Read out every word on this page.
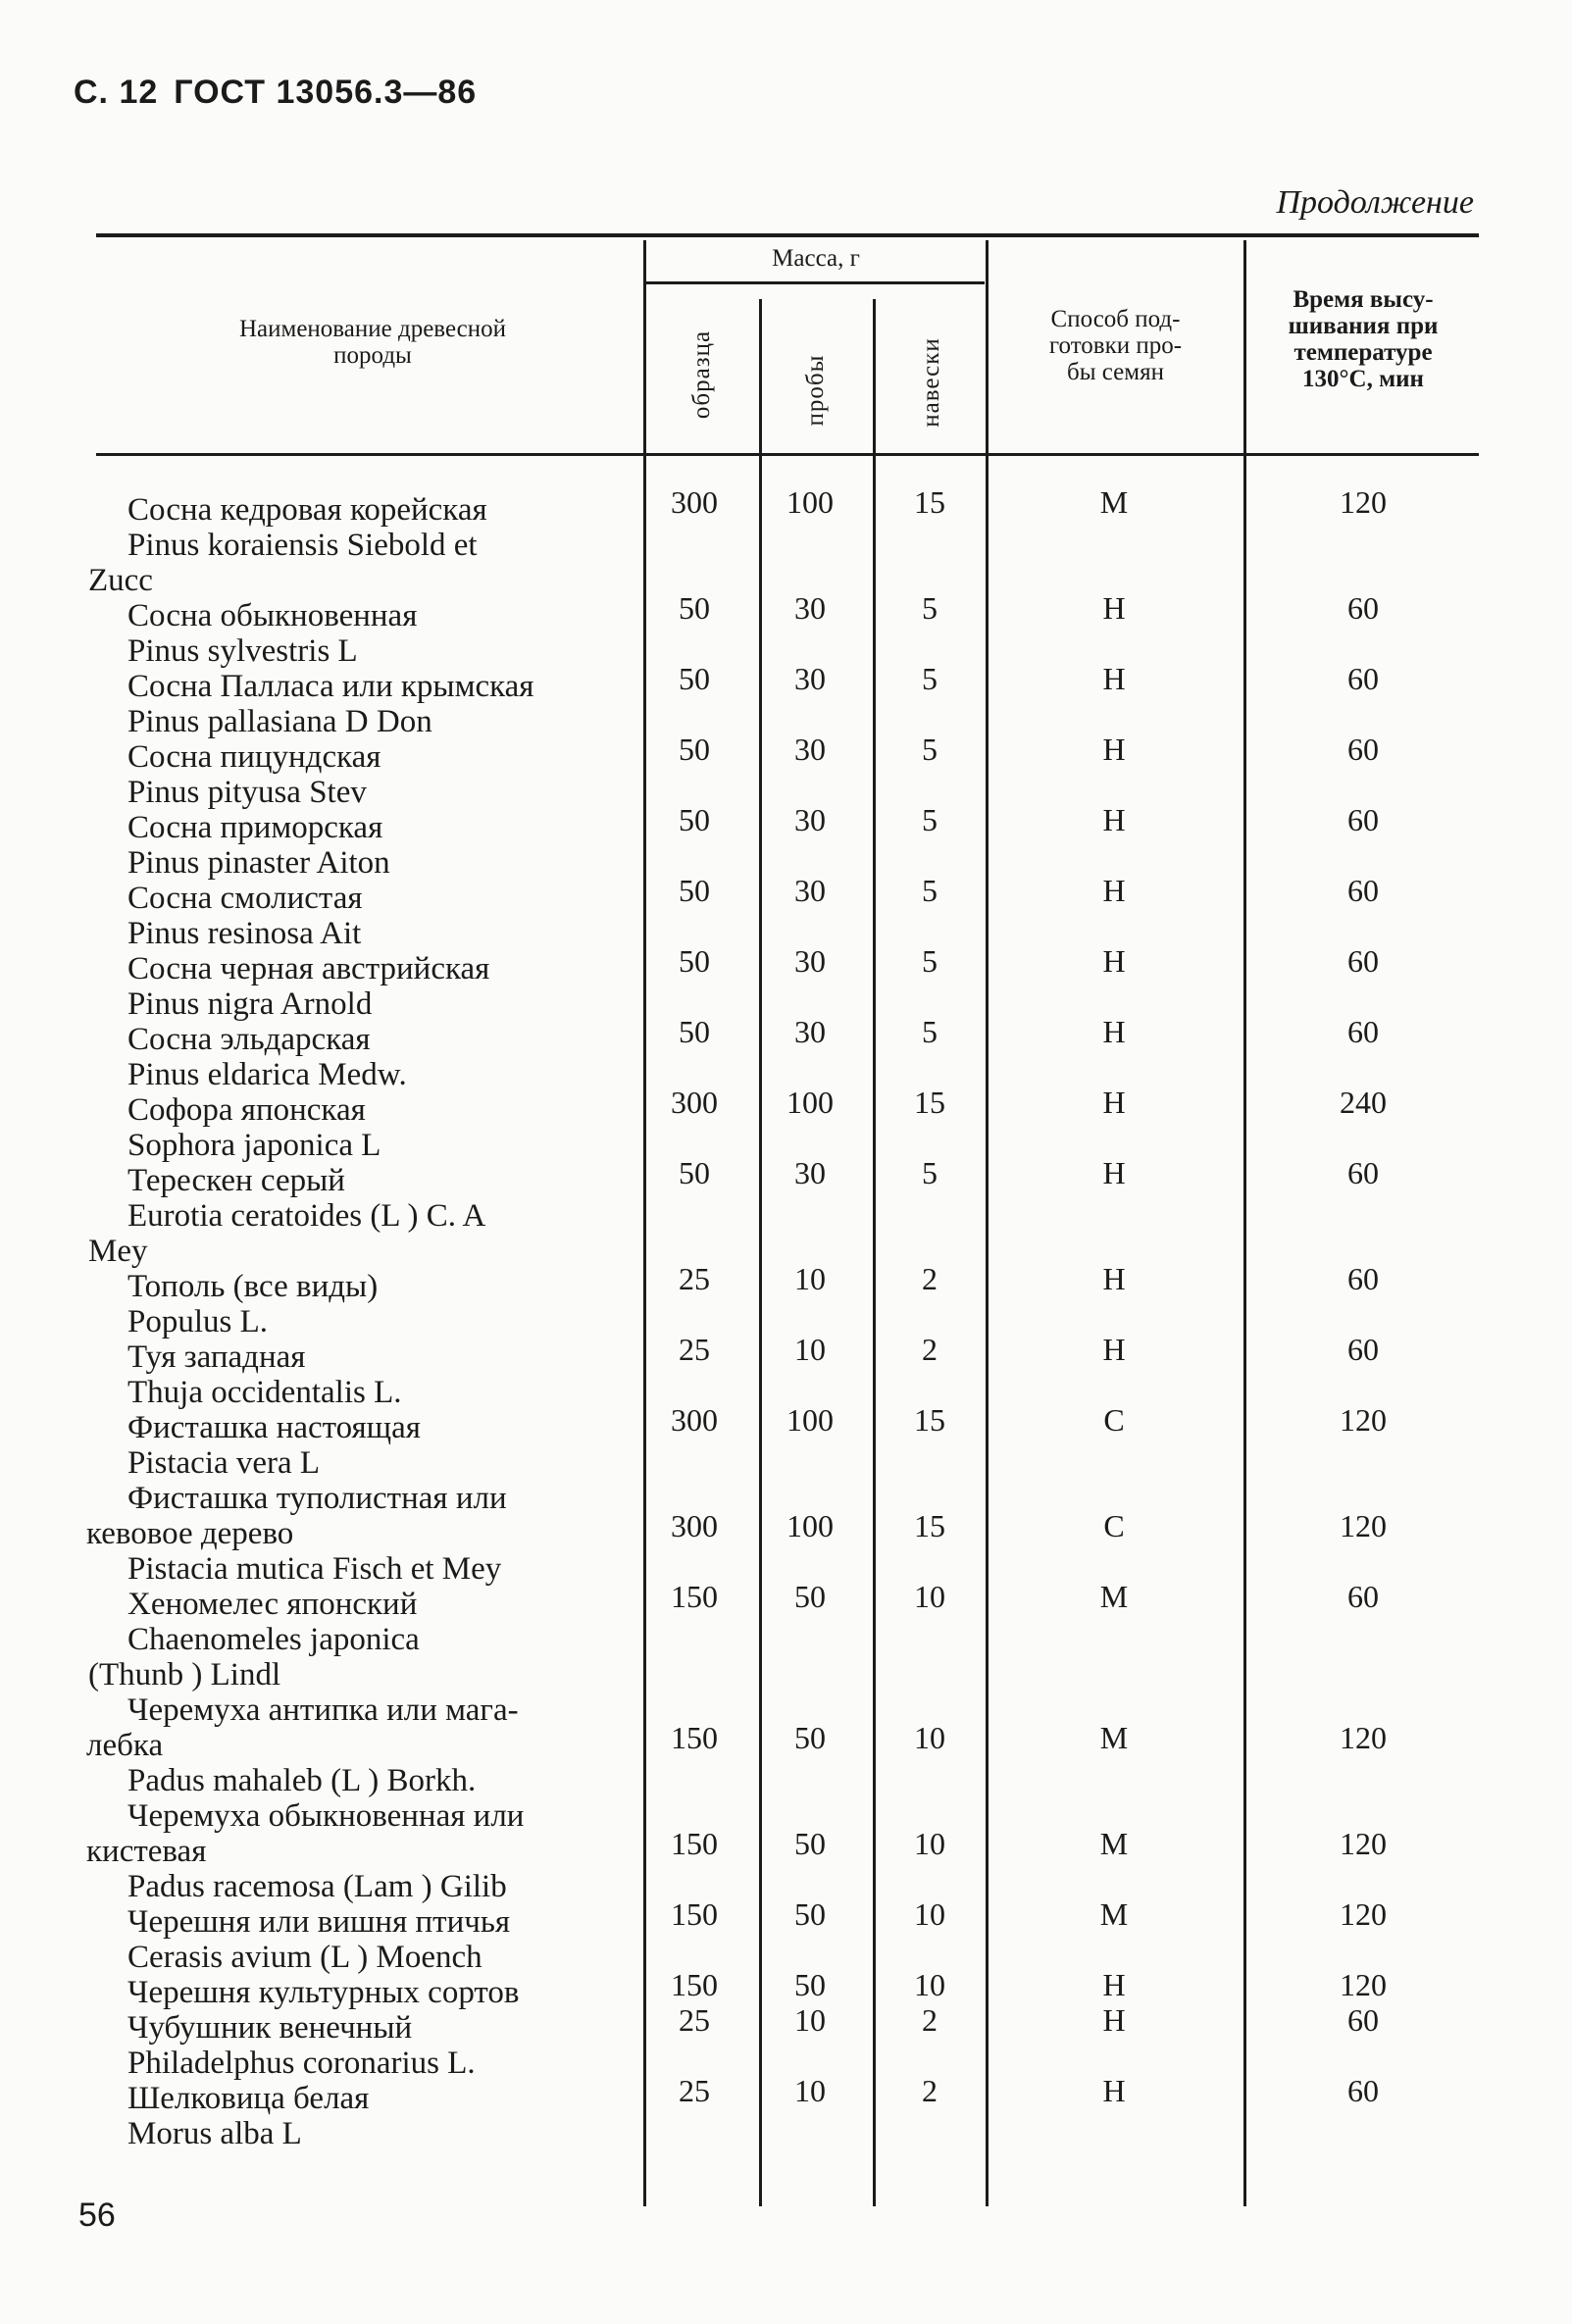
С. 12 ГОСТ 13056.3—86
Продолжение
Наименование древесной
породы
Масса, г
образца	пробы	навески
Способ под-
готовки про-
бы семян
Время высу-
шивания при
температуре
130°С, мин
Сосна кедровая корейская
Pinus koraiensis Siebold et
Zucc
300	100	15	М	120
Сосна обыкновенная
Pinus sylvestris L
50	30	5	Н	60
Сосна Палласа или крымская
Pinus pallasiana D Don
50	30	5	Н	60
Сосна пицундская
Pinus pityusa Stev
50	30	5	Н	60
Сосна приморская
Pinus pinaster Aiton
50	30	5	Н	60
Сосна смолистая
Pinus resinosa Ait
50	30	5	Н	60
Сосна черная австрийская
Pinus nigra Arnold
50	30	5	Н	60
Сосна эльдарская
Pinus eldarica Medw.
50	30	5	Н	60
Софора японская
Sophora japonica L
300	100	15	Н	240
Терескен серый
Eurotia ceratoides (L ) C. A
Mey
50	30	5	Н	60
Тополь (все виды)
Populus L.
25	10	2	Н	60
Туя западная
Thuja occidentalis L.
25	10	2	Н	60
Фисташка настоящая
Pistacia vera L
300	100	15	С	120
Фисташка туполистная или
кевовое дерево
Pistacia mutica Fisch et Mey
300	100	15	С	120
Хеномелес японский
Chaenomeles japonica
(Thunb ) Lindl
150	50	10	М	60
Черемуха антипка или мага-
лебка
Padus mahaleb (L ) Borkh.
150	50	10	М	120
Черемуха обыкновенная или
кистевая
Padus racemosa (Lam ) Gilib
150	50	10	М	120
Черешня или вишня птичья
Cerasis avium (L ) Moench
150	50	10	М	120
Черешня культурных сортов	150	50	10	Н	120
Чубушник венечный
Philadelphus coronarius L.
25	10	2	Н	60
Шелковица белая
Morus alba L
25	10	2	Н	60
56
